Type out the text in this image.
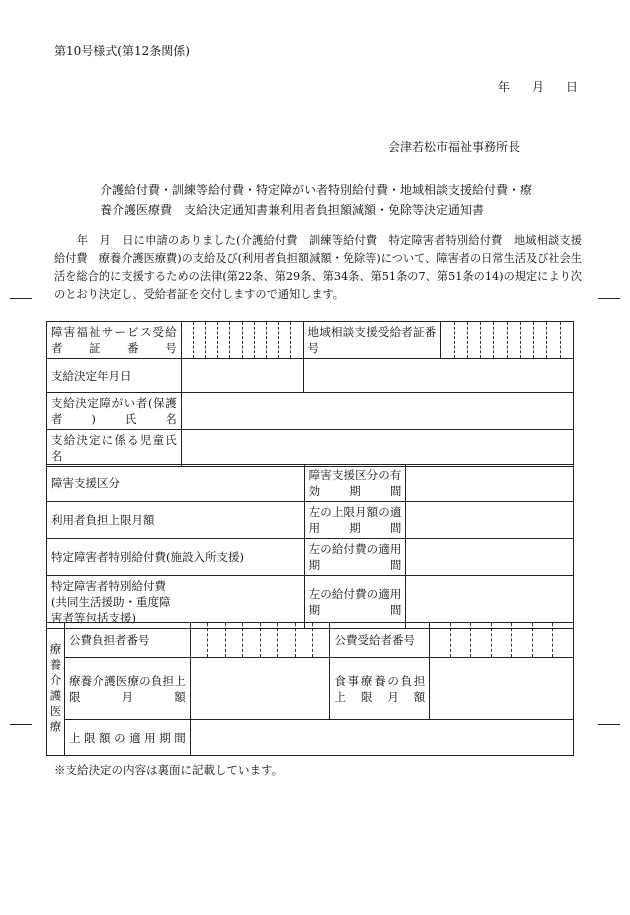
第10号様式(第12条関係)
年 月 日
会津若松市福祉事務所長
介護給付費・訓練等給付費・特定障がい者特別給付費・地域相談支援給付費・療
養介護医療費　支給決定通知書兼利用者負担額減額・免除等決定通知書
　　年　月　日に申請のありました(介護給付費　訓練等給付費　特定障害者特別給付費　地域相談支援給付費　療養介護医療費)の支給及び(利用者負担額減額・免除等)について、障害者の日常生活及び社会生活を総合的に支援するための法律(第22条、第29条、第34条、第51条の7、第51条の14)の規定により次のとおり決定し、受給者証を交付しますので通知します。
障害福祉サービス受給者証番号		地域相談支援受給者証番号	

支給決定年月日			
支給決定障がい者(保護者)氏名			
支給決定に係る児童氏名			
障害支援区分	障害支援区分の有効期間	
利用者負担上限月額	左の上限月額の適用期間	
特定障害者特別給付費(施設入所支援)	左の給付費の適用期間	

特定障害者特別給付費(共同生活援助・重度障害者等包括支援)	左の給付費の適用期間	
療養介護医療	公費負担者番号		公費受給者番号	

	療養介護医療の負担上限月額		食事療養の負担上限月額	
	上限額の適用期間			
※支給決定の内容は裏面に記載しています。
